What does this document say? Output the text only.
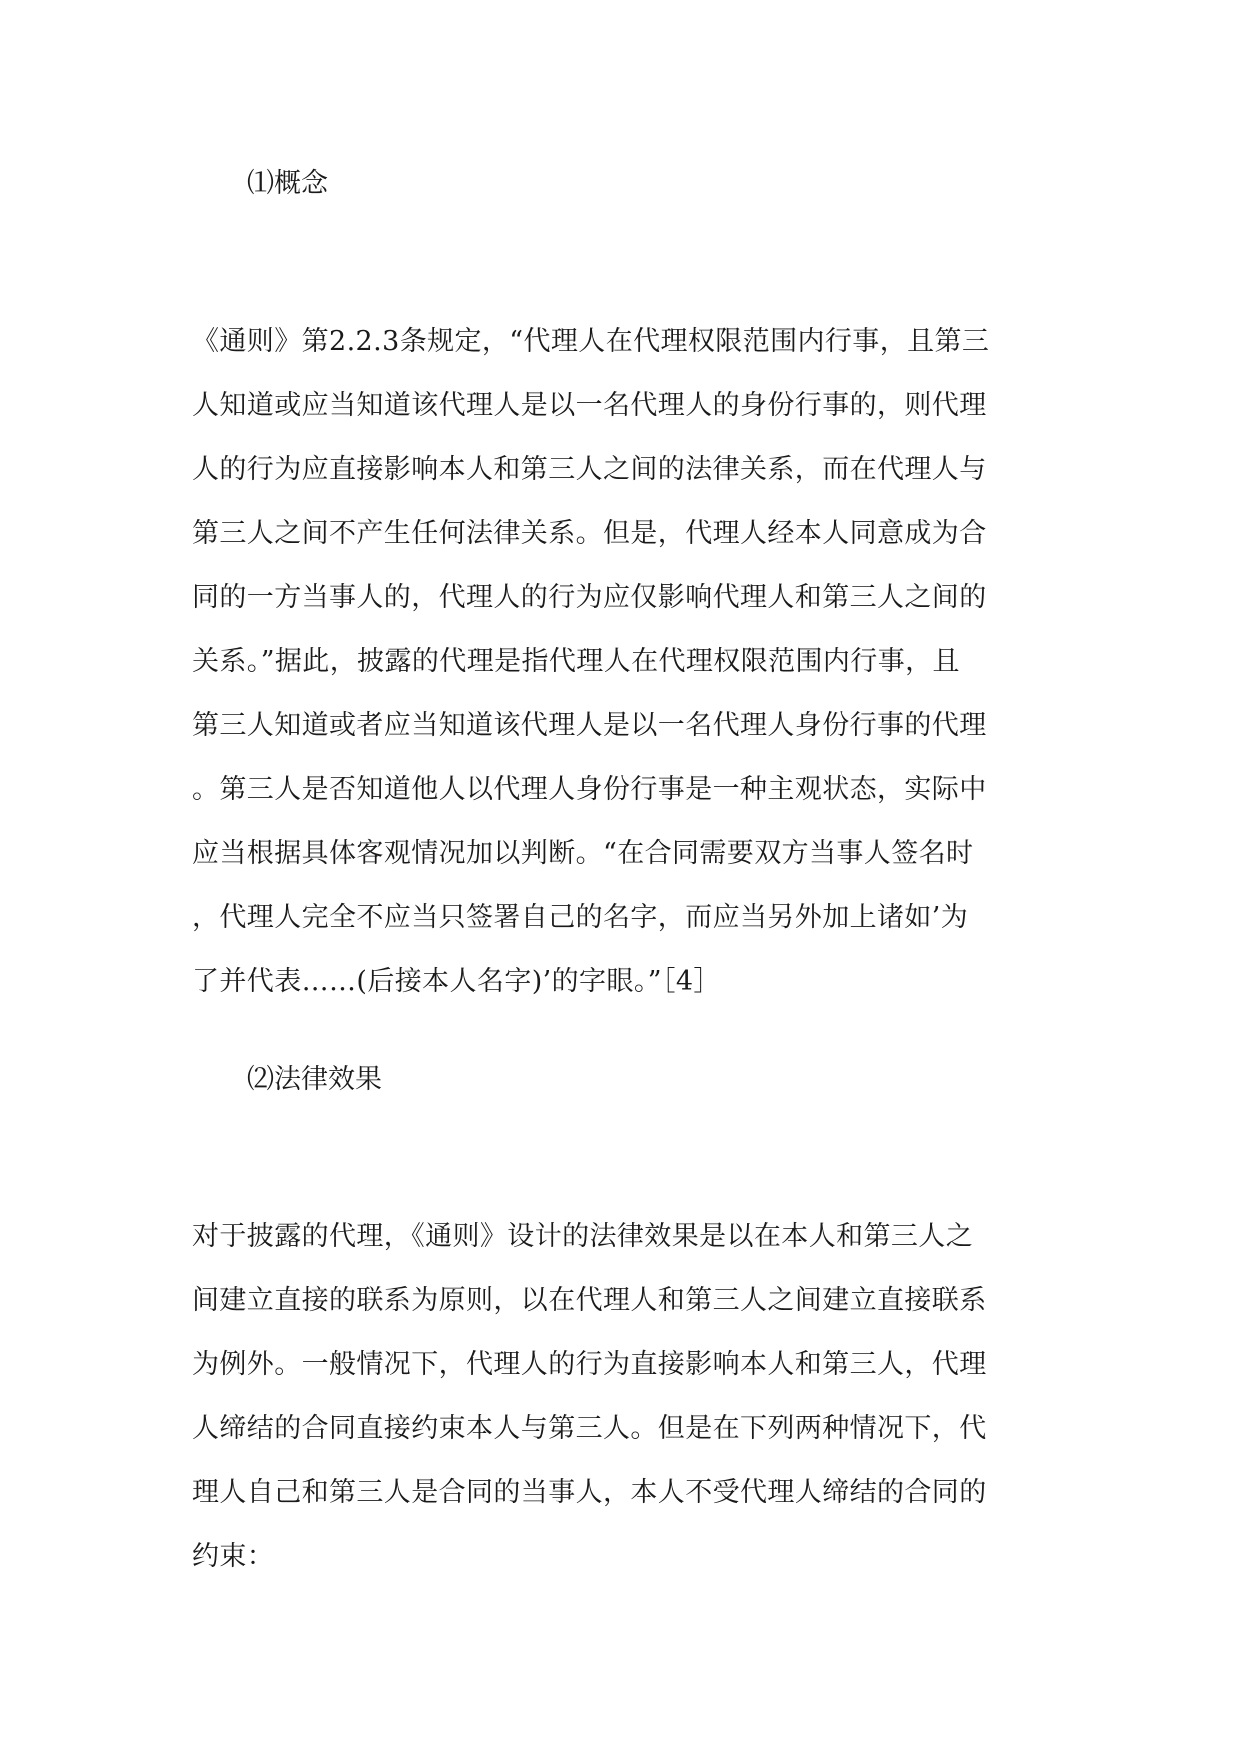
⑴概念
《通则》第2.2.3条规定，“代理人在代理权限范围内行事，且第三
人知道或应当知道该代理人是以一名代理人的身份行事的，则代理
人的行为应直接影响本人和第三人之间的法律关系，而在代理人与
第三人之间不产生任何法律关系。但是，代理人经本人同意成为合
同的一方当事人的，代理人的行为应仅影响代理人和第三人之间的
关系。”据此，披露的代理是指代理人在代理权限范围内行事，且
第三人知道或者应当知道该代理人是以一名代理人身份行事的代理
。第三人是否知道他人以代理人身份行事是一种主观状态，实际中
应当根据具体客观情况加以判断。“在合同需要双方当事人签名时
，代理人完全不应当只签署自己的名字，而应当另外加上诸如’为
了并代表……(后接本人名字)’的字眼。”［4］
⑵法律效果
对于披露的代理，《通则》设计的法律效果是以在本人和第三人之
间建立直接的联系为原则，以在代理人和第三人之间建立直接联系
为例外。一般情况下，代理人的行为直接影响本人和第三人，代理
人缔结的合同直接约束本人与第三人。但是在下列两种情况下，代
理人自己和第三人是合同的当事人，本人不受代理人缔结的合同的
约束：
